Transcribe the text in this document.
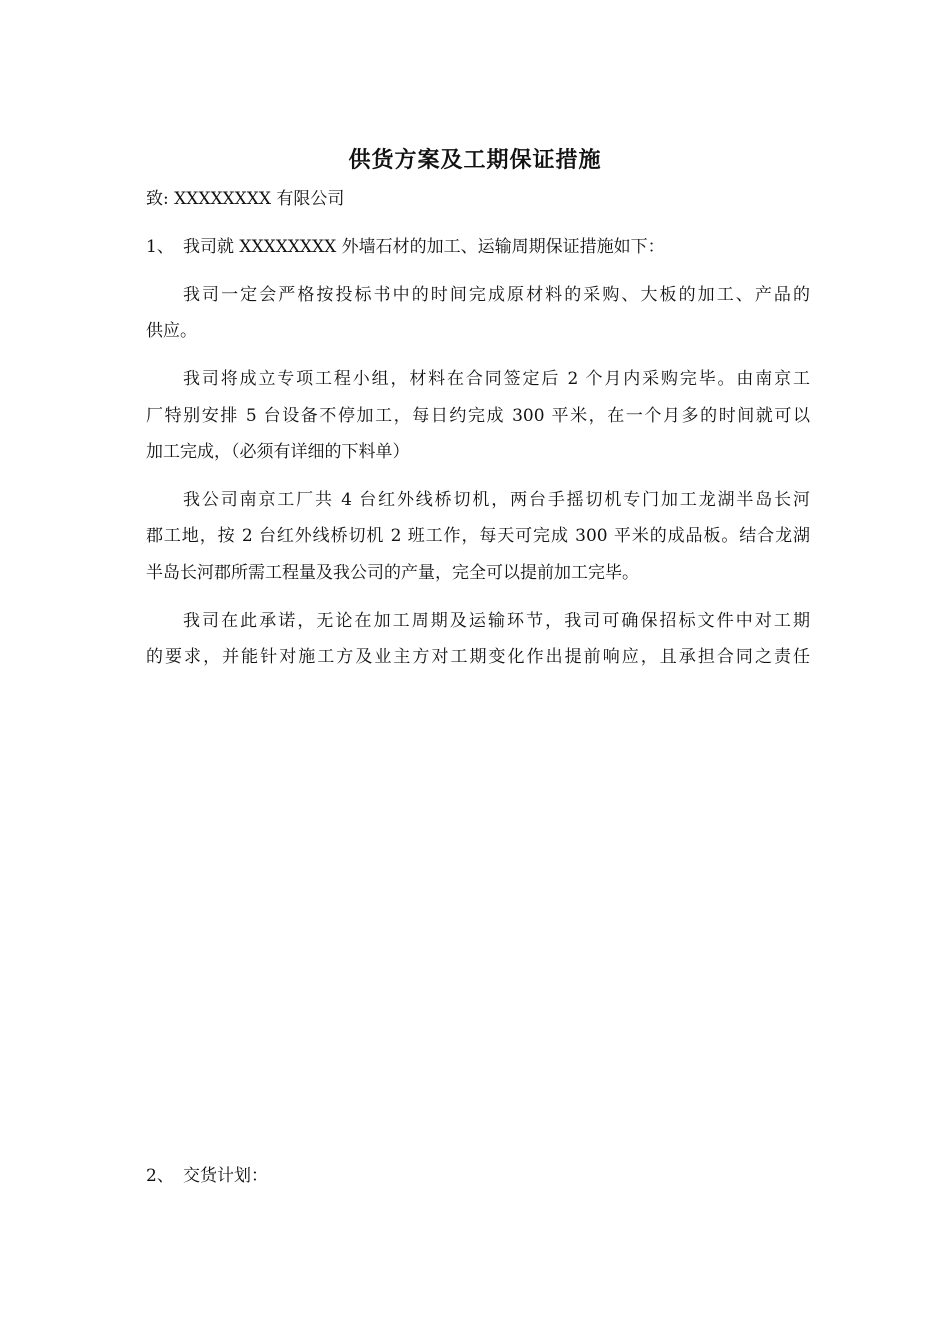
供货方案及工期保证措施
致: XXXXXXXX 有限公司
1、 我司就 XXXXXXXX 外墙石材的加工、运输周期保证措施如下：
我司一定会严格按投标书中的时间完成原材料的采购、大板的加工、产品的
供应。
我司将成立专项工程小组，材料在合同签定后 2 个月内采购完毕。由南京工
厂特别安排 5 台设备不停加工，每日约完成 300 平米，在一个月多的时间就可以
加工完成，（必须有详细的下料单）
我公司南京工厂共 4 台红外线桥切机，两台手摇切机专门加工龙湖半岛长河
郡工地，按 2 台红外线桥切机 2 班工作，每天可完成 300 平米的成品板。结合龙湖
半岛长河郡所需工程量及我公司的产量，完全可以提前加工完毕。
我司在此承诺，无论在加工周期及运输环节，我司可确保招标文件中对工期
的要求，并能针对施工方及业主方对工期变化作出提前响应，且承担合同之责任
2、 交货计划：
